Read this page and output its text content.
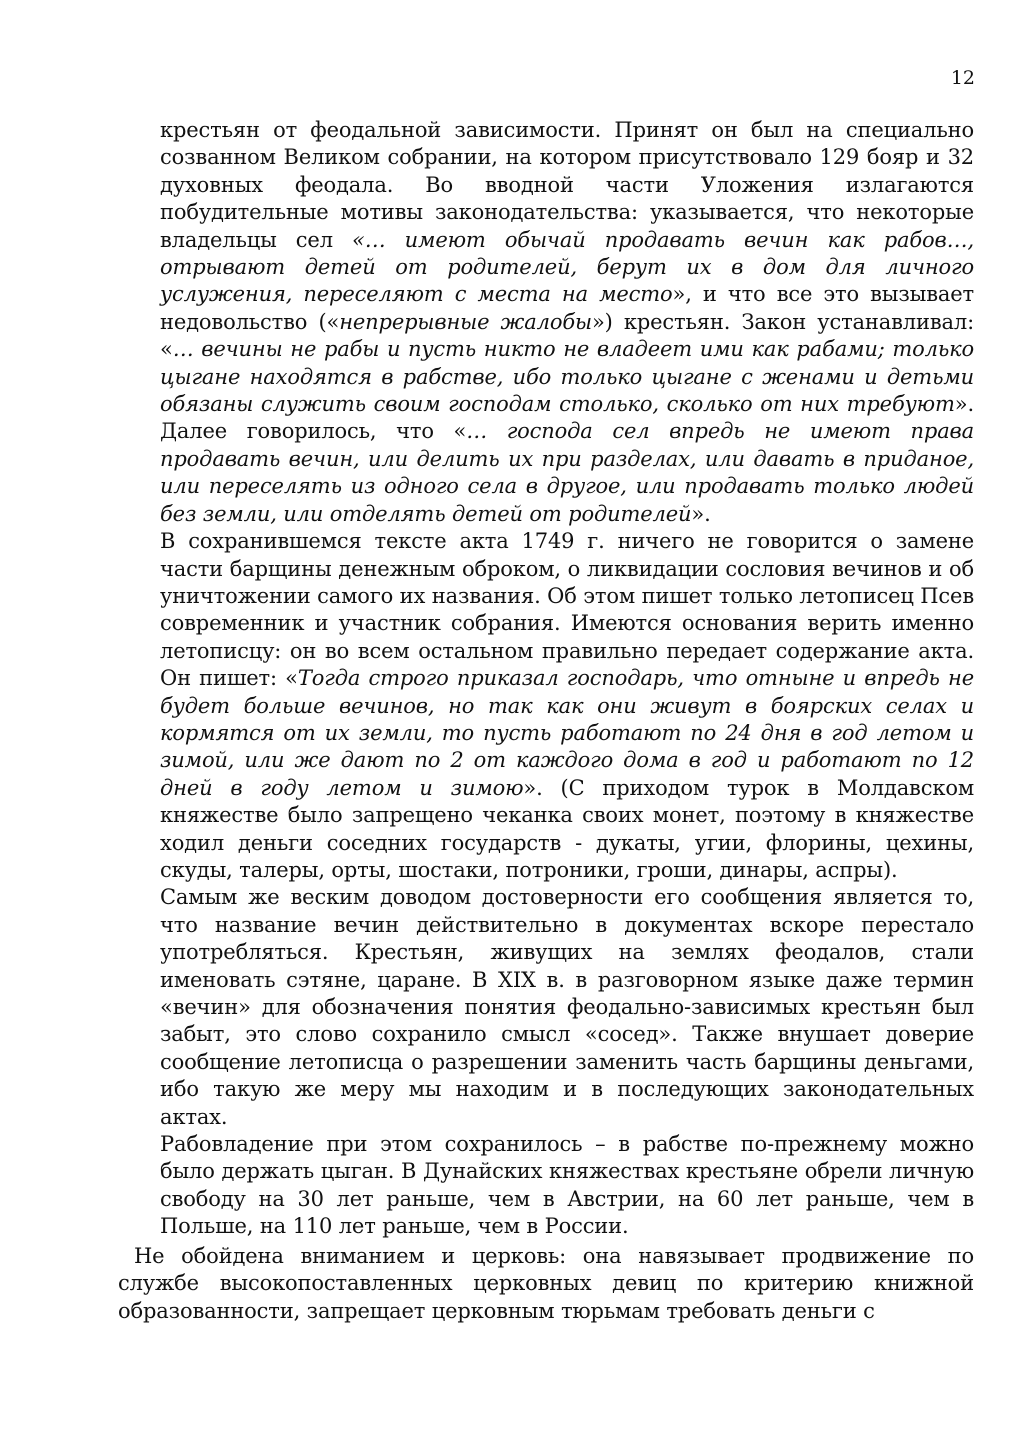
12

крестьян от феодальной зависимости. Принят он был на специально созванном Великом собрании, на котором присутствовало 129 бояр и 32 духовных феодала. Во вводной части Уложения излагаются побудительные мотивы законодательства: указывается, что некоторые владельцы сел «… имеют обычай продавать вечин как рабов…, отрывают детей от родителей, берут их в дом для личного услужения, переселяют с места на место», и что все это вызывает недовольство («непрерывные жалобы») крестьян. Закон устанавливал: «… вечины не рабы и пусть никто не владеет ими как рабами; только цыгане находятся в рабстве, ибо только цыгане с женами и детьми обязаны служить своим господам столько, сколько от них требуют». Далее говорилось, что «… господа сел впредь не имеют права продавать вечин, или делить их при разделах, или давать в приданое, или переселять из одного села в другое, или продавать только людей без земли, или отделять детей от родителей».

В сохранившемся тексте акта 1749 г. ничего не говорится о замене части барщины денежным оброком, о ликвидации сословия вечинов и об уничтожении самого их названия. Об этом пишет только летописец Псев современник и участник собрания. Имеются основания верить именно летописцу: он во всем остальном правильно передает содержание акта. Он пишет: «Тогда строго приказал господарь, что отныне и впредь не будет больше вечинов, но так как они живут в боярских селах и кормятся от их земли, то пусть работают по 24 дня в год летом и зимой, или же дают по 2 от каждого дома в год и работают по 12 дней в году летом и зимою». (С приходом турок в Молдавском княжестве было запрещено чеканка своих монет, поэтому в княжестве ходил деньги соседних государств - дукаты, угии, флорины, цехины, скуды, талеры, орты, шостаки, потроники, гроши, динары, аспры).

Самым же веским доводом достоверности его сообщения является то, что название вечин действительно в документах вскоре перестало употребляться. Крестьян, живущих на землях феодалов, стали именовать сэтяне, царане. В XIX в. в разговорном языке даже термин «вечин» для обозначения понятия феодально-зависимых крестьян был забыт, это слово сохранило смысл «сосед». Также внушает доверие сообщение летописца о разрешении заменить часть барщины деньгами, ибо такую же меру мы находим и в последующих законодательных актах.

Рабовладение при этом сохранилось – в рабстве по-прежнему можно было держать цыган. В Дунайских княжествах крестьяне обрели личную свободу на 30 лет раньше, чем в Австрии, на 60 лет раньше, чем в Польше, на 110 лет раньше, чем в России.

Не обойдена вниманием и церковь: она навязывает продвижение по службе высокопоставленных церковных девиц по критерию книжной образованности, запрещает церковным тюрьмам требовать деньги с
